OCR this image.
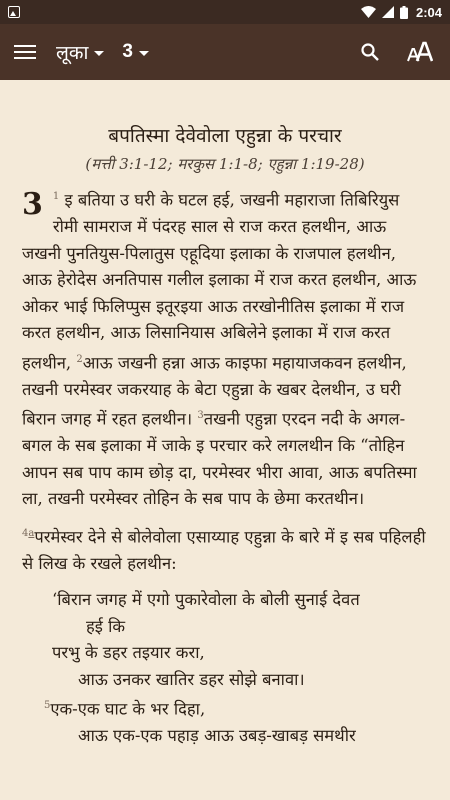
2:04
लूका 3
बपतिस्मा देवेवोला एहुन्ना के परचार
(मत्ती 3:1-12; मरकुस 1:1-8; एहुन्ना 1:19-28)
3 $^1$ इ बतिया उ घरी के घटल हई, जखनी महाराजा तिबिरियुस रोमी सामराज में पंदरह साल से राज करत हलथीन, आऊ जखनी पुनतियुस-पिलातुस एहूदिया इलाका के राजपाल हलथीन, आऊ हेरोदेस अनतिपास गलील इलाका में राज करत हलथीन, आऊ ओकर भाई फिलिप्पुस इतूरइया आऊ तरखोनीतिस इलाका में राज करत हलथीन, आऊ लिसानियास अबिलेने इलाका में राज करत हलथीन, $^2$आऊ जखनी हन्ना आऊ काइफा महायाजकवन हलथीन, तखनी परमेस्वर जकरयाह के बेटा एहुन्ना के खबर देलथीन, उ घरी बिरान जगह में रहत हलथीन। $^3$तखनी एहुन्ना एरदन नदी के अगल-बगल के सब इलाका में जाके इ परचार करे लगलथीन कि “तोहिन आपन सब पाप काम छोड़ दा, परमेस्वर भीरा आवा, आऊ बपतिस्मा ला, तखनी परमेस्वर तोहिन के सब पाप के छेमा करतथीन।
$^{4a}$परमेस्वर देने से बोलेवोला एसाय्याह एहुन्ना के बारे में इ सब पहिलही से लिख के रखले हलथीन:
‘बिरान जगह में एगो पुकारेवोला के बोली सुनाई देवत
हई कि
परभु के डहर तइयार करा,
आऊ उनकर खातिर डहर सोझे बनावा।
$^5$एक-एक घाट के भर दिहा,
आऊ एक-एक पहाड़ आऊ उबड़-खाबड़ समथीर
